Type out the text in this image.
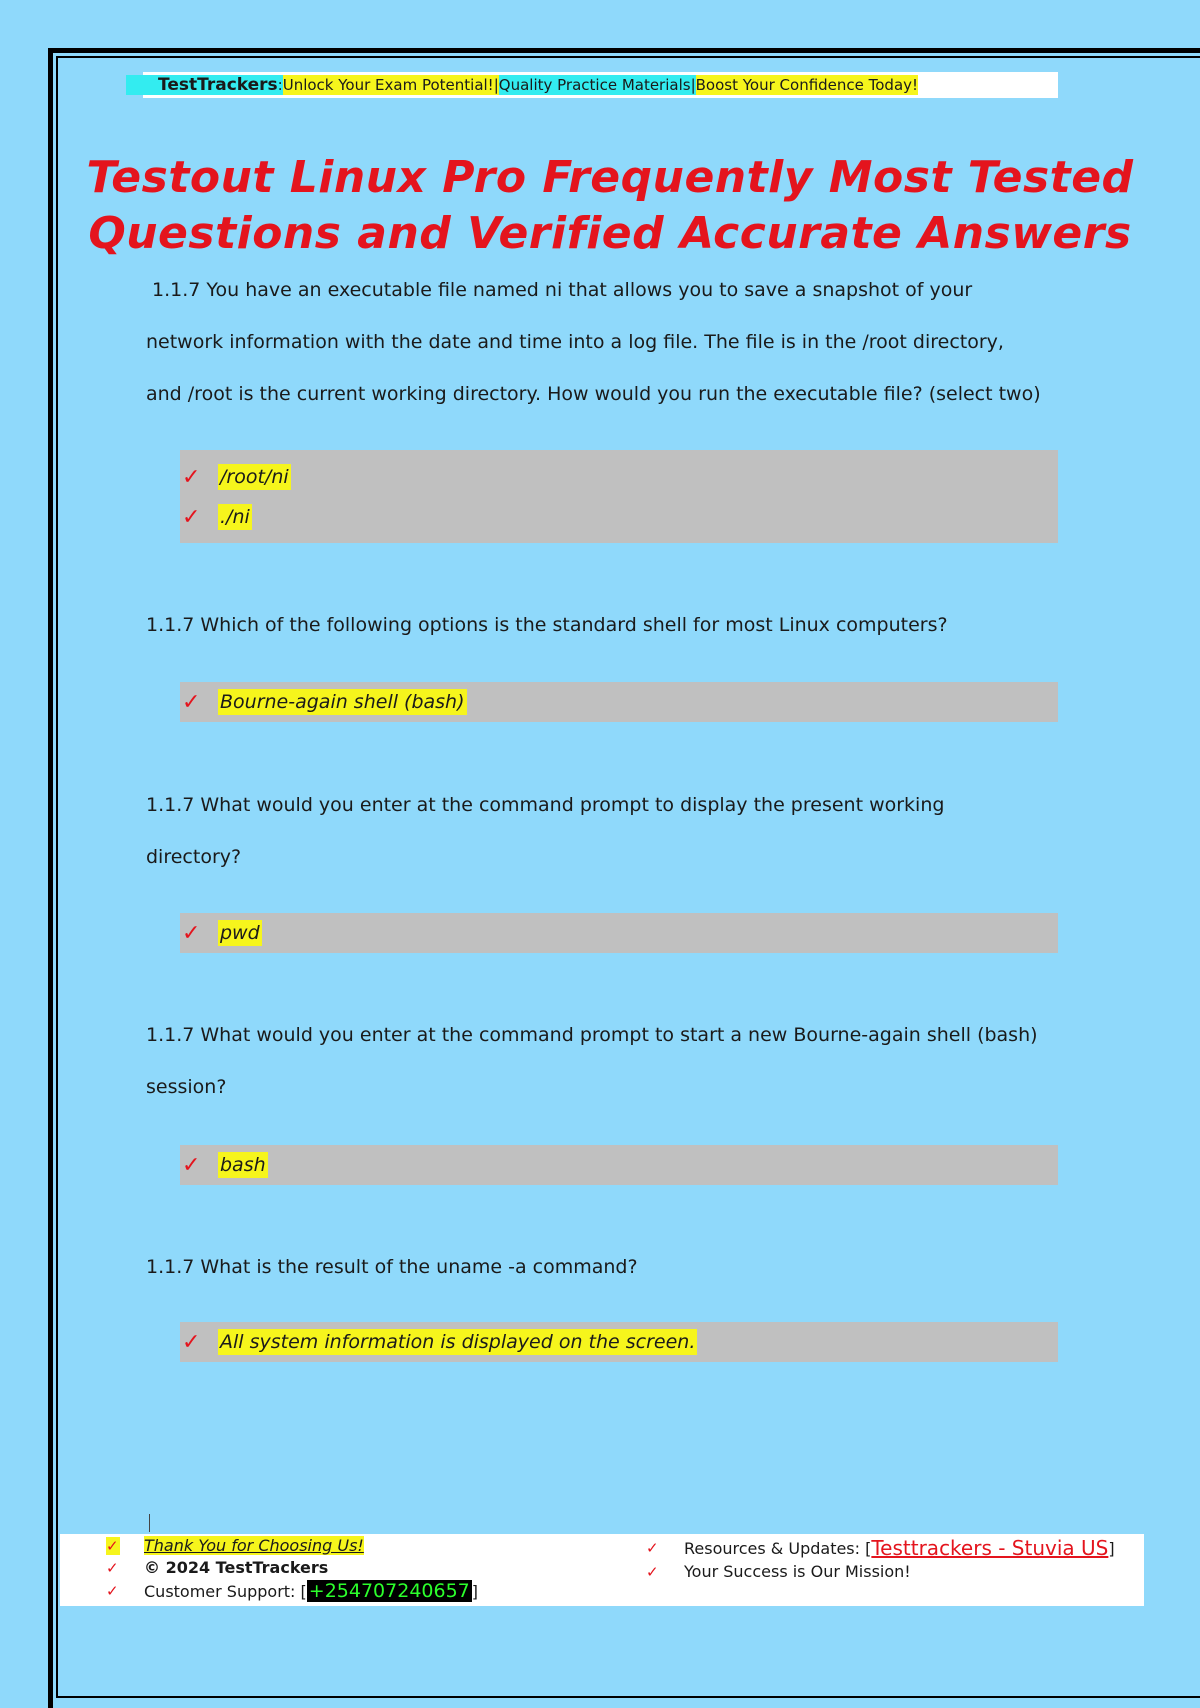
TestTrackers:Unlock Your Exam Potential!|Quality Practice Materials|Boost Your Confidence Today!
Testout Linux Pro Frequently Most Tested
Questions and Verified Accurate Answers
1.1.7 You have an executable file named ni that allows you to save a snapshot of your
network information with the date and time into a log file. The file is in the /root directory,
and /root is the current working directory. How would you run the executable file? (select two)
✓	/root/ni
✓	./ni
1.1.7 Which of the following options is the standard shell for most Linux computers?
✓	Bourne-again shell (bash)
1.1.7 What would you enter at the command prompt to display the present working
directory?
✓	pwd
1.1.7 What would you enter at the command prompt to start a new Bourne-again shell (bash)
session?
✓	bash
1.1.7 What is the result of the uname -a command?
✓	All system information is displayed on the screen.
✓ Thank You for Choosing Us!
✓	© 2024 TestTrackers
✓	Customer Support: [ +254707240657 ]
✓	Resources & Updates: [ Testtrackers - Stuvia US ]
✓	Your Success is Our Mission!
